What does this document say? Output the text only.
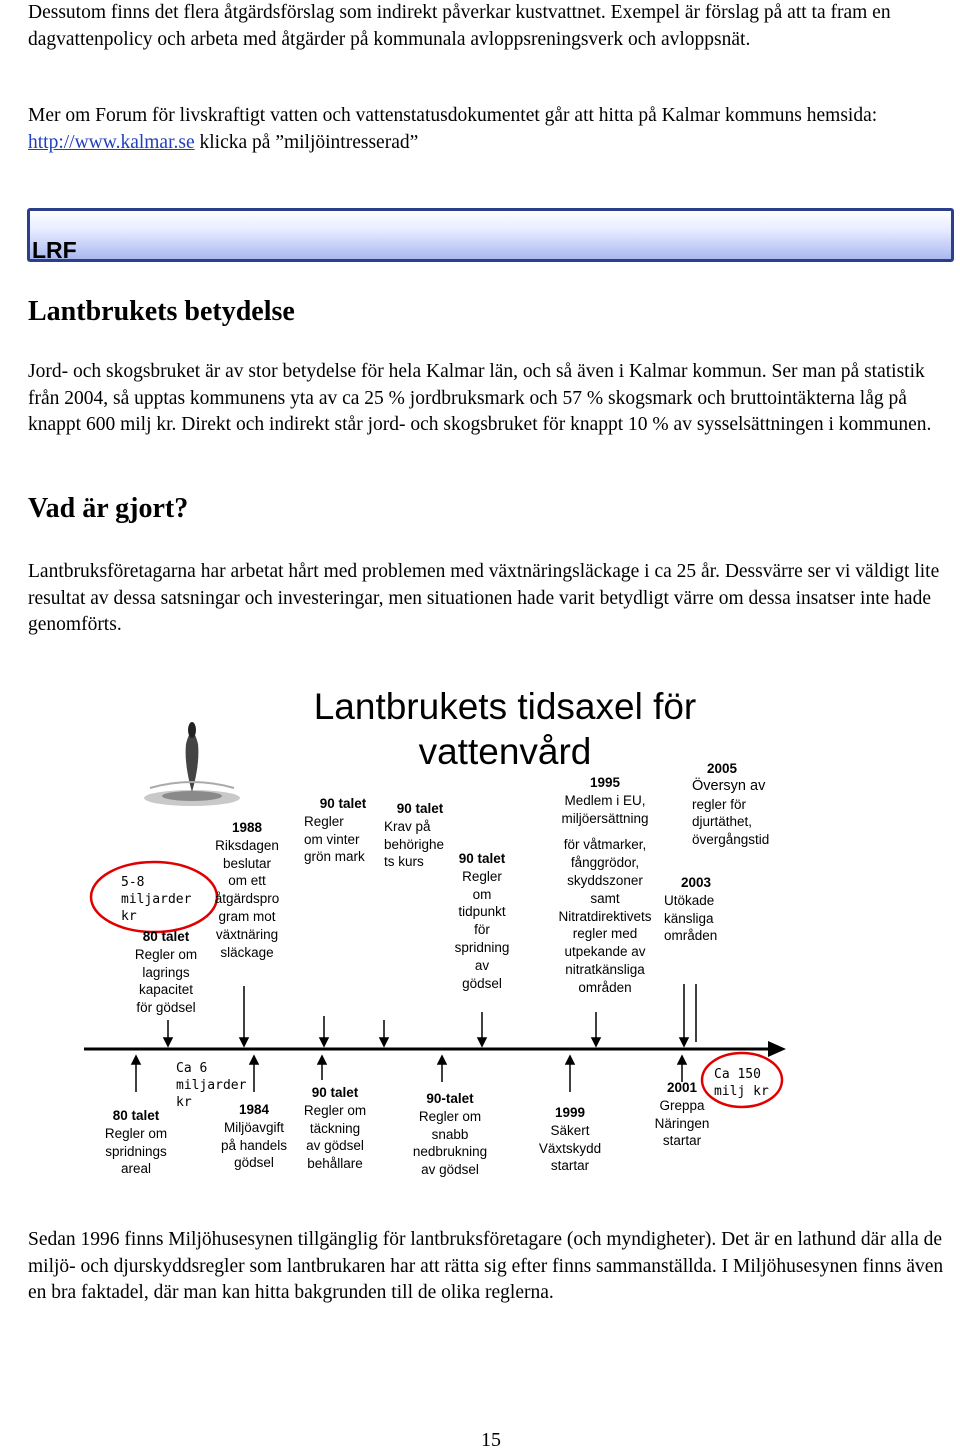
Dessutom finns det flera åtgärdsförslag som indirekt påverkar kustvattnet. Exempel är förslag på att ta fram en dagvattenpolicy och arbeta med åtgärder på kommunala avloppsreningsverk och avloppsnät.

Mer om Forum för livskraftigt vatten och vattenstatusdokumentet går att hitta på Kalmar kommuns hemsida: http://www.kalmar.se klicka på ”miljöintresserad”

LRF
Lantbrukets betydelse

Jord- och skogsbruket är av stor betydelse för hela Kalmar län, och så även i Kalmar kommun. Ser man på statistik från 2004, så upptas kommunens yta av ca 25 % jordbruksmark och 57 % skogsmark och bruttointäkterna låg på knappt 600 milj kr. Direkt och indirekt står jord- och skogsbruket för knappt 10 % av sysselsättningen i kommunen.

Vad är gjort?

Lantbruksföretagarna har arbetat hårt med problemen med växtnäringsläckage i ca 25 år. Dessvärre ser vi väldigt lite resultat av dessa satsningar och investeringar, men situationen hade varit betydligt värre om dessa insatser inte hade genomförts.

Lantbrukets tidsaxel för
vattenvård
5-8
miljarder
kr
Ca 6
miljarder
kr
Ca 150
milj kr
80 talet
Regler om
lagrings
kapacitet
för gödsel
1988
Riksdagen
beslutar
om ett
åtgärdspro
gram mot
växtnäring
släckage
90 talet
Regler
om vinter
grön mark
90 talet
Krav på
behörighe
ts kurs	90 talet
Regler
om
tidpunkt
för
spridning
av
gödsel
1995
Medlem i EU,
miljöersättning
för våtmarker,
fånggrödor,
skyddszoner
samt
Nitratdirektivets
regler med
utpekande av
nitratkänsliga
områden
2003
Utökade
känsliga
områden
2005
Översyn av
regler för
djurtäthet,
övergångstid
80 talet
Regler om
spridnings
areal
1984
Miljöavgift
på handels
gödsel
90 talet
Regler om
täckning
av gödsel
behållare
90-talet
Regler om
snabb
nedbrukning
av gödsel
1999
Säkert
Växtskydd
startar
2001
Greppa
Näringen
startar

Sedan 1996 finns Miljöhusesynen tillgänglig för lantbruksföretagare (och myndigheter). Det är en lathund där alla de miljö- och djurskyddsregler som lantbrukaren har att rätta sig efter finns sammanställda. I Miljöhusesynen finns även en bra faktadel, där man kan hitta bakgrunden till de olika reglerna.

15
